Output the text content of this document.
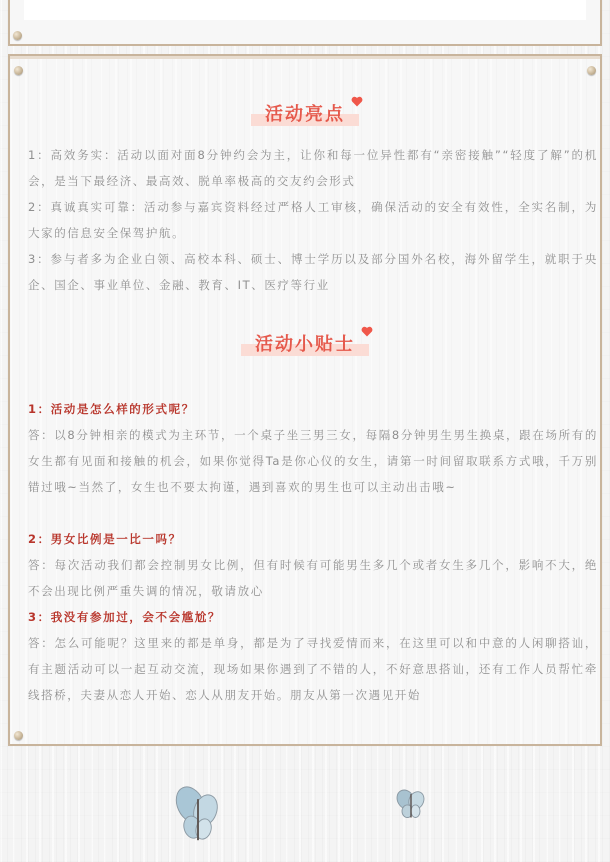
活动亮点
1：高效务实：活动以面对面8分钟约会为主，让你和每一位异性都有“亲密接触”“轻度了解”的机会，是当下最经济、最高效、脱单率极高的交友约会形式
2：真诚真实可靠：活动参与嘉宾资料经过严格人工审核，确保活动的安全有效性，全实名制，为大家的信息安全保驾护航。
3：参与者多为企业白领、高校本科、硕士、博士学历以及部分国外名校，海外留学生，就职于央企、国企、事业单位、金融、教育、IT、医疗等行业
活动小贴士
1：活动是怎么样的形式呢？
答：以8分钟相亲的模式为主环节，一个桌子坐三男三女，每隔8分钟男生男生换桌，跟在场所有的女生都有见面和接触的机会，如果你觉得Ta是你心仪的女生，请第一时间留取联系方式哦，千万别错过哦~当然了，女生也不要太拘谨，遇到喜欢的男生也可以主动出击哦~
2：男女比例是一比一吗？
答：每次活动我们都会控制男女比例，但有时候有可能男生多几个或者女生多几个，影响不大，绝不会出现比例严重失调的情况，敬请放心
3：我没有参加过，会不会尴尬？
答：怎么可能呢？这里来的都是单身，都是为了寻找爱情而来，在这里可以和中意的人闲聊搭讪，有主题活动可以一起互动交流，现场如果你遇到了不错的人，不好意思搭讪，还有工作人员帮忙牵线搭桥，夫妻从恋人开始、恋人从朋友开始。朋友从第一次遇见开始
